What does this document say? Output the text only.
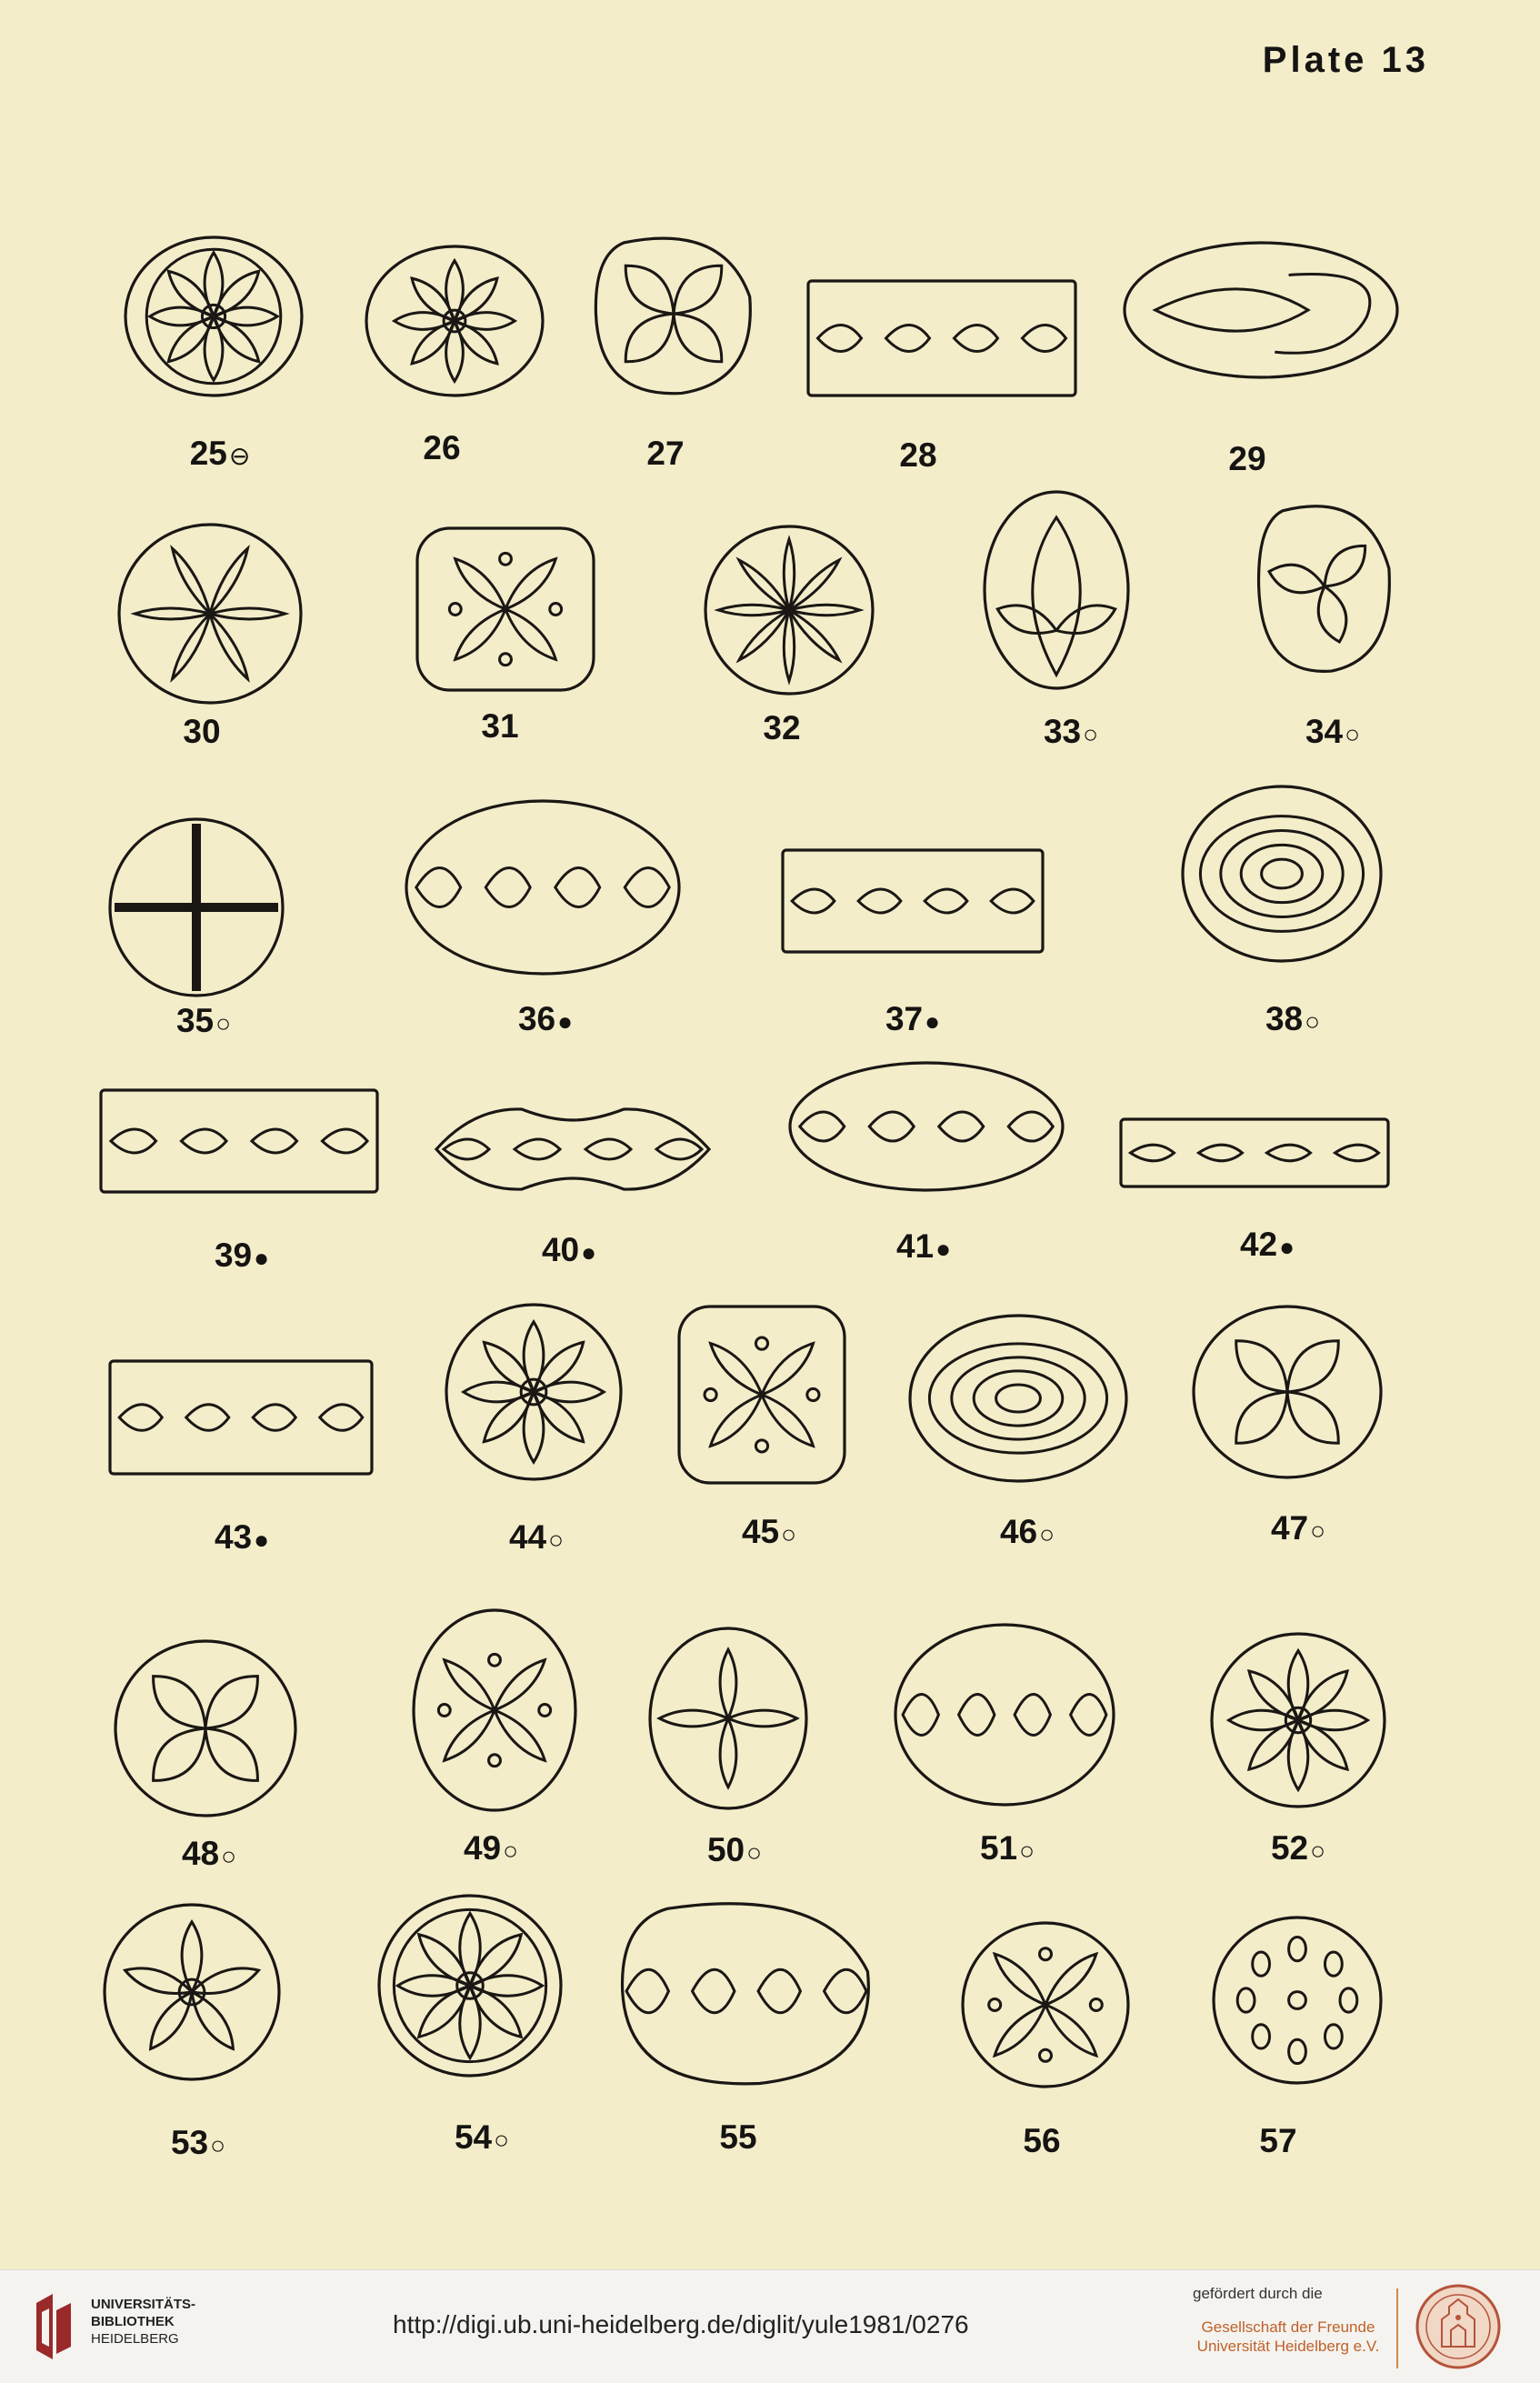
Plate 13
25⊖	26	27	28	29
30	31	32	33○	34○
35○	36●	37●	38○
39●	40●	41●	42●
43●	44○	45○	46○	47○
48○	49○	50○	51○	52○
53○	54○	55	56	57
UNIVERSITÄTS-
BIBLIOTHEK
HEIDELBERG
http://digi.ub.uni-heidelberg.de/diglit/yule1981/0276
gefördert durch die
Gesellschaft der Freunde
Universität Heidelberg e.V.
